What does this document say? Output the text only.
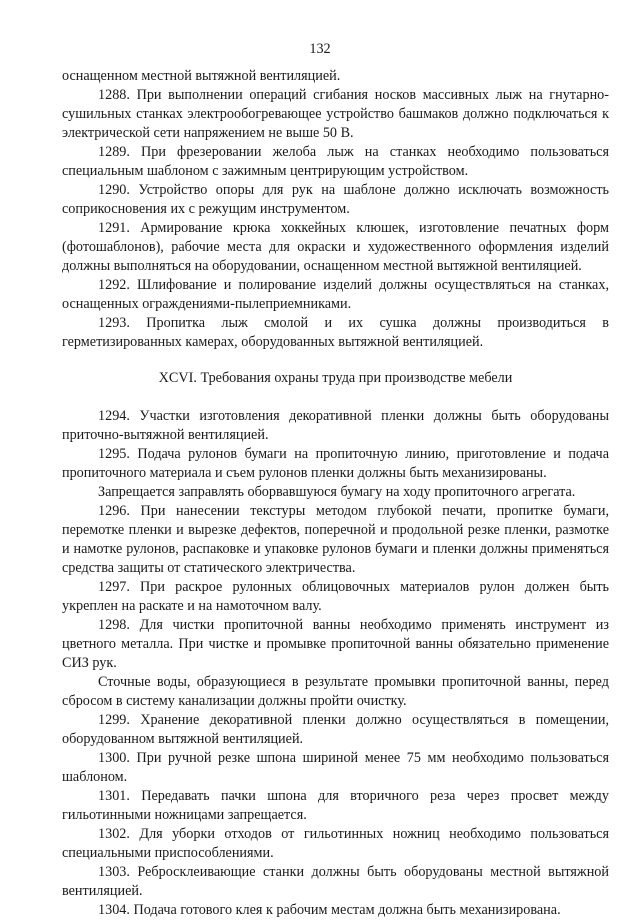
132

оснащенном местной вытяжной вентиляцией.

1288. При выполнении операций сгибания носков массивных лыж на гнутарно-сушильных станках электрообогревающее устройство башмаков должно подключаться к электрической сети напряжением не выше 50 В.

1289. При фрезеровании желоба лыж на станках необходимо пользоваться специальным шаблоном с зажимным центрирующим устройством.

1290. Устройство опоры для рук на шаблоне должно исключать возможность соприкосновения их с режущим инструментом.

1291. Армирование крюка хоккейных клюшек, изготовление печатных форм (фотошаблонов), рабочие места для окраски и художественного оформления изделий должны выполняться на оборудовании, оснащенном местной вытяжной вентиляцией.

1292. Шлифование и полирование изделий должны осуществляться на станках, оснащенных ограждениями-пылеприемниками.

1293. Пропитка лыж смолой и их сушка должны производиться в герметизированных камерах, оборудованных вытяжной вентиляцией.

XCVI. Требования охраны труда при производстве мебели

1294. Участки изготовления декоративной пленки должны быть оборудованы приточно-вытяжной вентиляцией.

1295. Подача рулонов бумаги на пропиточную линию, приготовление и подача пропиточного материала и съем рулонов пленки должны быть механизированы.

Запрещается заправлять оборвавшуюся бумагу на ходу пропиточного агрегата.

1296. При нанесении текстуры методом глубокой печати, пропитке бумаги, перемотке пленки и вырезке дефектов, поперечной и продольной резке пленки, размотке и намотке рулонов, распаковке и упаковке рулонов бумаги и пленки должны применяться средства защиты от статического электричества.

1297. При раскрое рулонных облицовочных материалов рулон должен быть укреплен на раскате и на намоточном валу.

1298. Для чистки пропиточной ванны необходимо применять инструмент из цветного металла. При чистке и промывке пропиточной ванны обязательно применение СИЗ рук.

Сточные воды, образующиеся в результате промывки пропиточной ванны, перед сбросом в систему канализации должны пройти очистку.

1299. Хранение декоративной пленки должно осуществляться в помещении, оборудованном вытяжной вентиляцией.

1300. При ручной резке шпона шириной менее 75 мм необходимо пользоваться шаблоном.

1301. Передавать пачки шпона для вторичного реза через просвет между гильотинными ножницами запрещается.

1302. Для уборки отходов от гильотинных ножниц необходимо пользоваться специальными приспособлениями.

1303. Ребросклеивающие станки должны быть оборудованы местной вытяжной вентиляцией.

1304. Подача готового клея к рабочим местам должна быть механизирована.
